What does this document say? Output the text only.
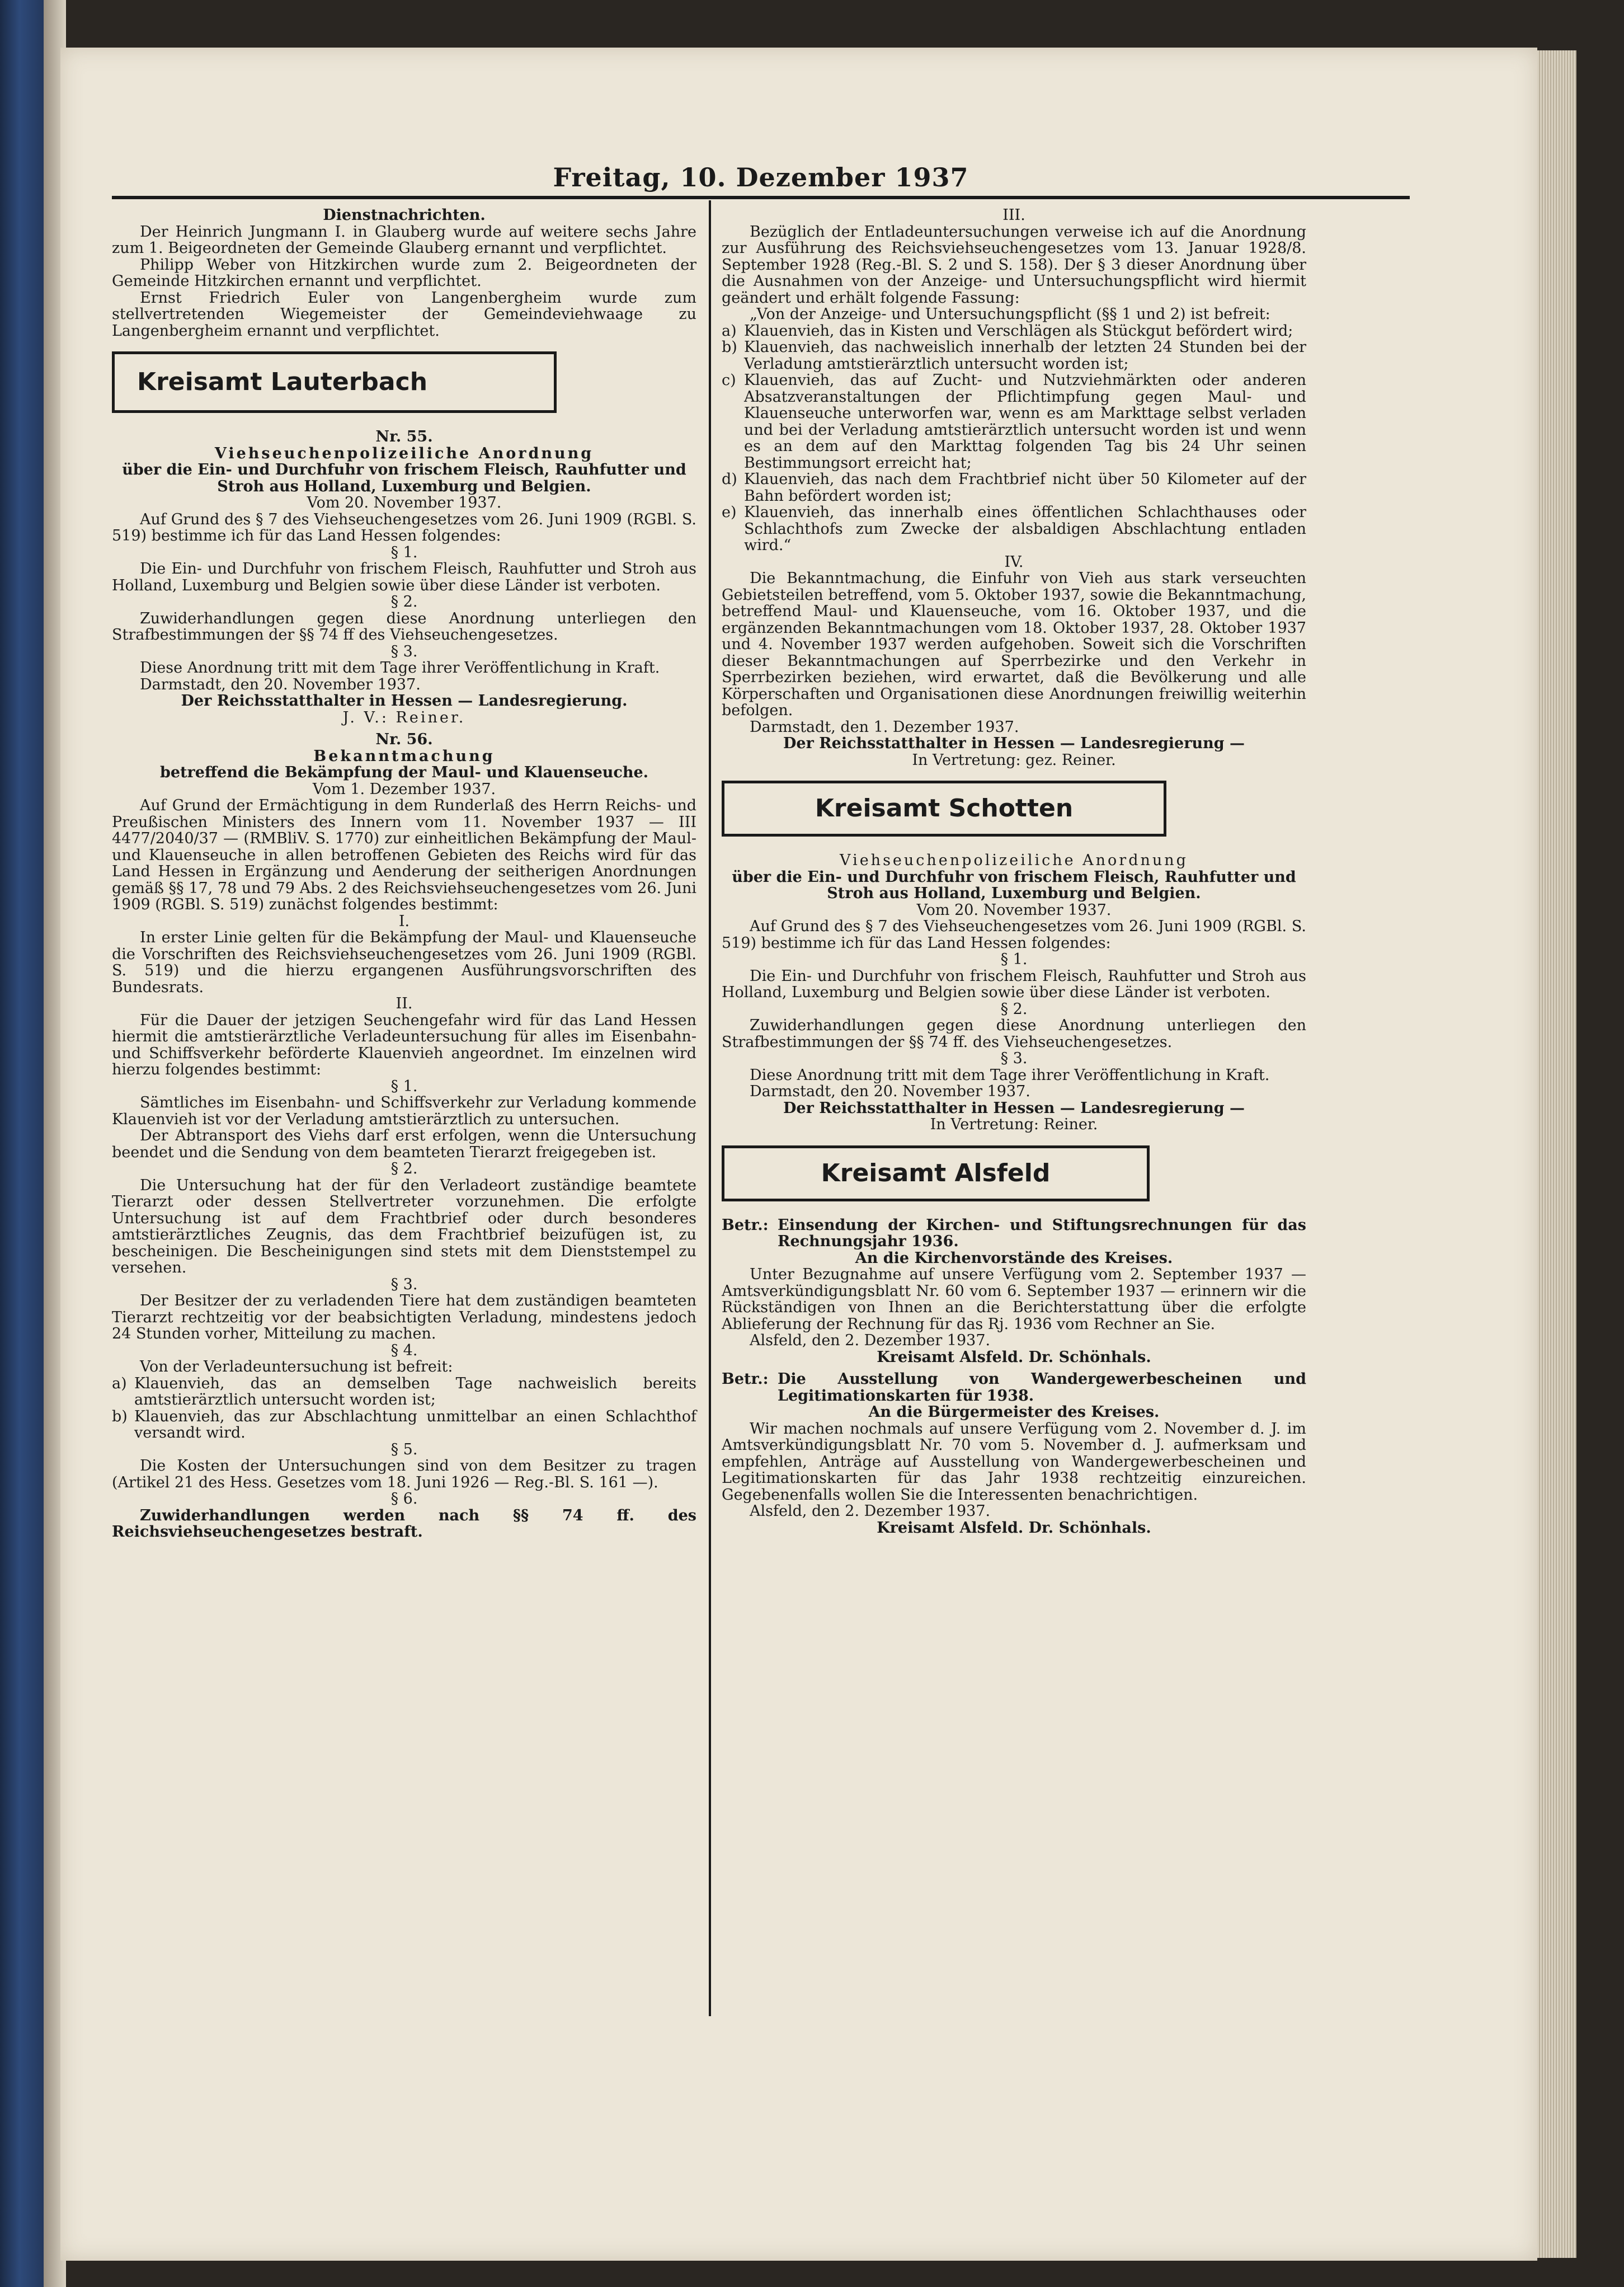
Freitag, 10. Dezember 1937

Dienstnachrichten.

Der Heinrich Jungmann I. in Glauberg wurde auf weitere sechs Jahre zum 1. Beigeordneten der Gemeinde Glauberg ernannt und verpflichtet.

Philipp Weber von Hitzkirchen wurde zum 2. Beigeordneten der Gemeinde Hitzkirchen ernannt und verpflichtet.

Ernst Friedrich Euler von Langenbergheim wurde zum stellvertretenden Wiegemeister der Gemeindeviehwaage zu Langenbergheim ernannt und verpflichtet.

Kreisamt Lauterbach

Nr. 55.

Viehseuchenpolizeiliche Anordnung

über die Ein- und Durchfuhr von frischem Fleisch, Rauhfutter und Stroh aus Holland, Luxemburg und Belgien.

Vom 20. November 1937.

Auf Grund des § 7 des Viehseuchengesetzes vom 26. Juni 1909 (RGBl. S. 519) bestimme ich für das Land Hessen folgendes:

§ 1.

Die Ein- und Durchfuhr von frischem Fleisch, Rauhfutter und Stroh aus Holland, Luxemburg und Belgien sowie über diese Länder ist verboten.

§ 2.

Zuwiderhandlungen gegen diese Anordnung unterliegen den Strafbestimmungen der §§ 74 ff des Viehseuchengesetzes.

§ 3.

Diese Anordnung tritt mit dem Tage ihrer Veröffentlichung in Kraft.

Darmstadt, den 20. November 1937.

Der Reichsstatthalter in Hessen — Landesregierung.

J. V.: Reiner.

Nr. 56.

Bekanntmachung

betreffend die Bekämpfung der Maul- und Klauenseuche.

Vom 1. Dezember 1937.

Auf Grund der Ermächtigung in dem Runderlaß des Herrn Reichs- und Preußischen Ministers des Innern vom 11. November 1937 — III 4477/2040/37 — (RMBliV. S. 1770) zur einheitlichen Bekämpfung der Maul- und Klauenseuche in allen betroffenen Gebieten des Reichs wird für das Land Hessen in Ergänzung und Aenderung der seitherigen Anordnungen gemäß §§ 17, 78 und 79 Abs. 2 des Reichsviehseuchengesetzes vom 26. Juni 1909 (RGBl. S. 519) zunächst folgendes bestimmt:

I.

In erster Linie gelten für die Bekämpfung der Maul- und Klauenseuche die Vorschriften des Reichsviehseuchengesetzes vom 26. Juni 1909 (RGBl. S. 519) und die hierzu ergangenen Ausführungsvorschriften des Bundesrats.

II.

Für die Dauer der jetzigen Seuchengefahr wird für das Land Hessen hiermit die amtstierärztliche Verladeuntersuchung für alles im Eisenbahn- und Schiffsverkehr beförderte Klauenvieh angeordnet. Im einzelnen wird hierzu folgendes bestimmt:

§ 1.

Sämtliches im Eisenbahn- und Schiffsverkehr zur Verladung kommende Klauenvieh ist vor der Verladung amtstierärztlich zu untersuchen.

Der Abtransport des Viehs darf erst erfolgen, wenn die Untersuchung beendet und die Sendung von dem beamteten Tierarzt freigegeben ist.

§ 2.

Die Untersuchung hat der für den Verladeort zuständige beamtete Tierarzt oder dessen Stellvertreter vorzunehmen. Die erfolgte Untersuchung ist auf dem Frachtbrief oder durch besonderes amtstierärztliches Zeugnis, das dem Frachtbrief beizufügen ist, zu bescheinigen. Die Bescheinigungen sind stets mit dem Dienststempel zu versehen.

§ 3.

Der Besitzer der zu verladenden Tiere hat dem zuständigen beamteten Tierarzt rechtzeitig vor der beabsichtigten Verladung, mindestens jedoch 24 Stunden vorher, Mitteilung zu machen.

§ 4.

Von der Verladeuntersuchung ist befreit:

a) Klauenvieh, das an demselben Tage nachweislich bereits amtstierärztlich untersucht worden ist;
b) Klauenvieh, das zur Abschlachtung unmittelbar an einen Schlachthof versandt wird.

§ 5.

Die Kosten der Untersuchungen sind von dem Besitzer zu tragen (Artikel 21 des Hess. Gesetzes vom 18. Juni 1926 — Reg.-Bl. S. 161 —).

§ 6.

Zuwiderhandlungen werden nach §§ 74 ff. des Reichsviehseuchengesetzes bestraft.

III.

Bezüglich der Entladeuntersuchungen verweise ich auf die Anordnung zur Ausführung des Reichsviehseuchengesetzes vom 13. Januar 1928/8. September 1928 (Reg.-Bl. S. 2 und S. 158). Der § 3 dieser Anordnung über die Ausnahmen von der Anzeige- und Untersuchungspflicht wird hiermit geändert und erhält folgende Fassung:

„Von der Anzeige- und Untersuchungspflicht (§§ 1 und 2) ist befreit:

a) Klauenvieh, das in Kisten und Verschlägen als Stückgut befördert wird;
b) Klauenvieh, das nachweislich innerhalb der letzten 24 Stunden bei der Verladung amtstierärztlich untersucht worden ist;
c) Klauenvieh, das auf Zucht- und Nutzviehmärkten oder anderen Absatzveranstaltungen der Pflichtimpfung gegen Maul- und Klauenseuche unterworfen war, wenn es am Markttage selbst verladen und bei der Verladung amtstierärztlich untersucht worden ist und wenn es an dem auf den Markttag folgenden Tag bis 24 Uhr seinen Bestimmungsort erreicht hat;
d) Klauenvieh, das nach dem Frachtbrief nicht über 50 Kilometer auf der Bahn befördert worden ist;
e) Klauenvieh, das innerhalb eines öffentlichen Schlachthauses oder Schlachthofs zum Zwecke der alsbaldigen Abschlachtung entladen wird.“

IV.

Die Bekanntmachung, die Einfuhr von Vieh aus stark verseuchten Gebietsteilen betreffend, vom 5. Oktober 1937, sowie die Bekanntmachung, betreffend Maul- und Klauenseuche, vom 16. Oktober 1937, und die ergänzenden Bekanntmachungen vom 18. Oktober 1937, 28. Oktober 1937 und 4. November 1937 werden aufgehoben. Soweit sich die Vorschriften dieser Bekanntmachungen auf Sperrbezirke und den Verkehr in Sperrbezirken beziehen, wird erwartet, daß die Bevölkerung und alle Körperschaften und Organisationen diese Anordnungen freiwillig weiterhin befolgen.

Darmstadt, den 1. Dezember 1937.

Der Reichsstatthalter in Hessen — Landesregierung —

In Vertretung: gez. Reiner.

Kreisamt Schotten

Viehseuchenpolizeiliche Anordnung

über die Ein- und Durchfuhr von frischem Fleisch, Rauhfutter und Stroh aus Holland, Luxemburg und Belgien.

Vom 20. November 1937.

Auf Grund des § 7 des Viehseuchengesetzes vom 26. Juni 1909 (RGBl. S. 519) bestimme ich für das Land Hessen folgendes:

§ 1.

Die Ein- und Durchfuhr von frischem Fleisch, Rauhfutter und Stroh aus Holland, Luxemburg und Belgien sowie über diese Länder ist verboten.

§ 2.

Zuwiderhandlungen gegen diese Anordnung unterliegen den Strafbestimmungen der §§ 74 ff. des Viehseuchengesetzes.

§ 3.

Diese Anordnung tritt mit dem Tage ihrer Veröffentlichung in Kraft.

Darmstadt, den 20. November 1937.

Der Reichsstatthalter in Hessen — Landesregierung —

In Vertretung: Reiner.

Kreisamt Alsfeld
Betr.: Einsendung der Kirchen- und Stiftungsrechnungen für das Rechnungsjahr 1936.

An die Kirchenvorstände des Kreises.

Unter Bezugnahme auf unsere Verfügung vom 2. September 1937 — Amtsverkündigungsblatt Nr. 60 vom 6. September 1937 — erinnern wir die Rückständigen von Ihnen an die Berichterstattung über die erfolgte Ablieferung der Rechnung für das Rj. 1936 vom Rechner an Sie.

Alsfeld, den 2. Dezember 1937.

Kreisamt Alsfeld. Dr. Schönhals.

Betr.: Die Ausstellung von Wandergewerbescheinen und Legitimationskarten für 1938.

An die Bürgermeister des Kreises.

Wir machen nochmals auf unsere Verfügung vom 2. November d. J. im Amtsverkündigungsblatt Nr. 70 vom 5. November d. J. aufmerksam und empfehlen, Anträge auf Ausstellung von Wandergewerbescheinen und Legitimationskarten für das Jahr 1938 rechtzeitig einzureichen. Gegebenenfalls wollen Sie die Interessenten benachrichtigen.

Alsfeld, den 2. Dezember 1937.

Kreisamt Alsfeld. Dr. Schönhals.
